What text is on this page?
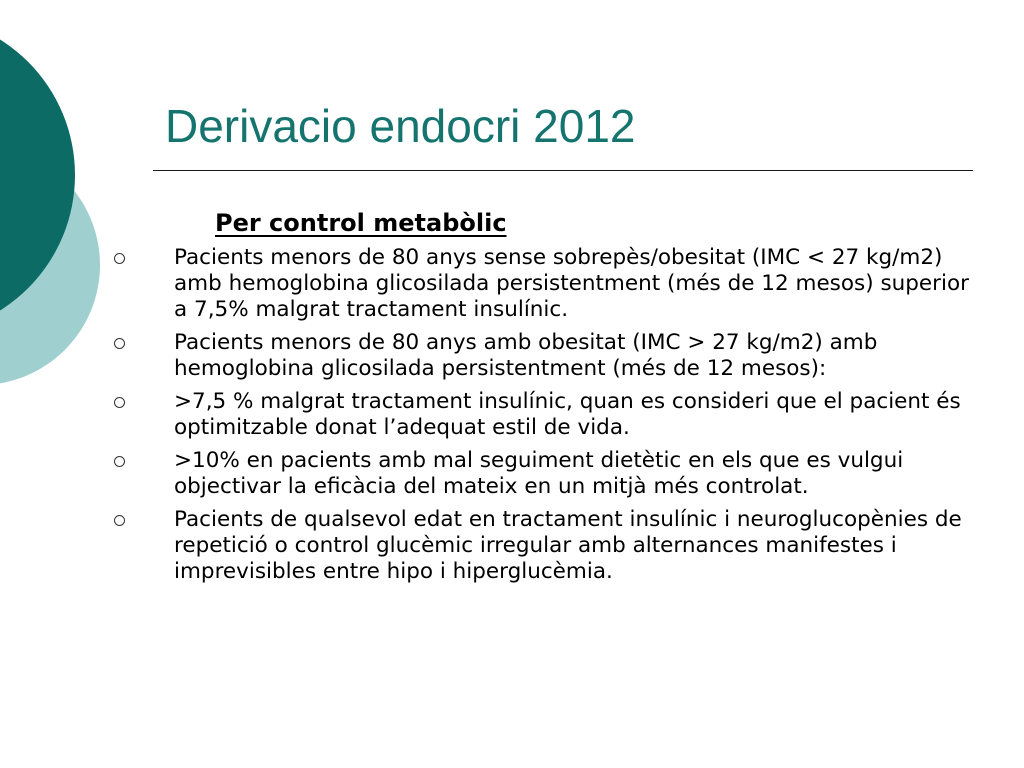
Derivacio endocri 2012
Per control metabòlic
Pacients menors de 80 anys sense sobrepès/obesitat (IMC < 27 kg/m2) amb hemoglobina glicosilada persistentment (més de 12 mesos) superior a 7,5% malgrat tractament insulínic.
Pacients menors de 80 anys amb obesitat (IMC > 27 kg/m2) amb hemoglobina glicosilada persistentment (més de 12 mesos):
>7,5 % malgrat tractament insulínic, quan es consideri que el pacient és optimitzable donat l’adequat estil de vida.
>10% en pacients amb mal seguiment dietètic en els que es vulgui objectivar la eficàcia del mateix en un mitjà més controlat.
Pacients de qualsevol edat en tractament insulínic i neuroglucopènies de repetició o control glucèmic irregular amb alternances manifestes i imprevisibles entre hipo i hiperglucèmia.
